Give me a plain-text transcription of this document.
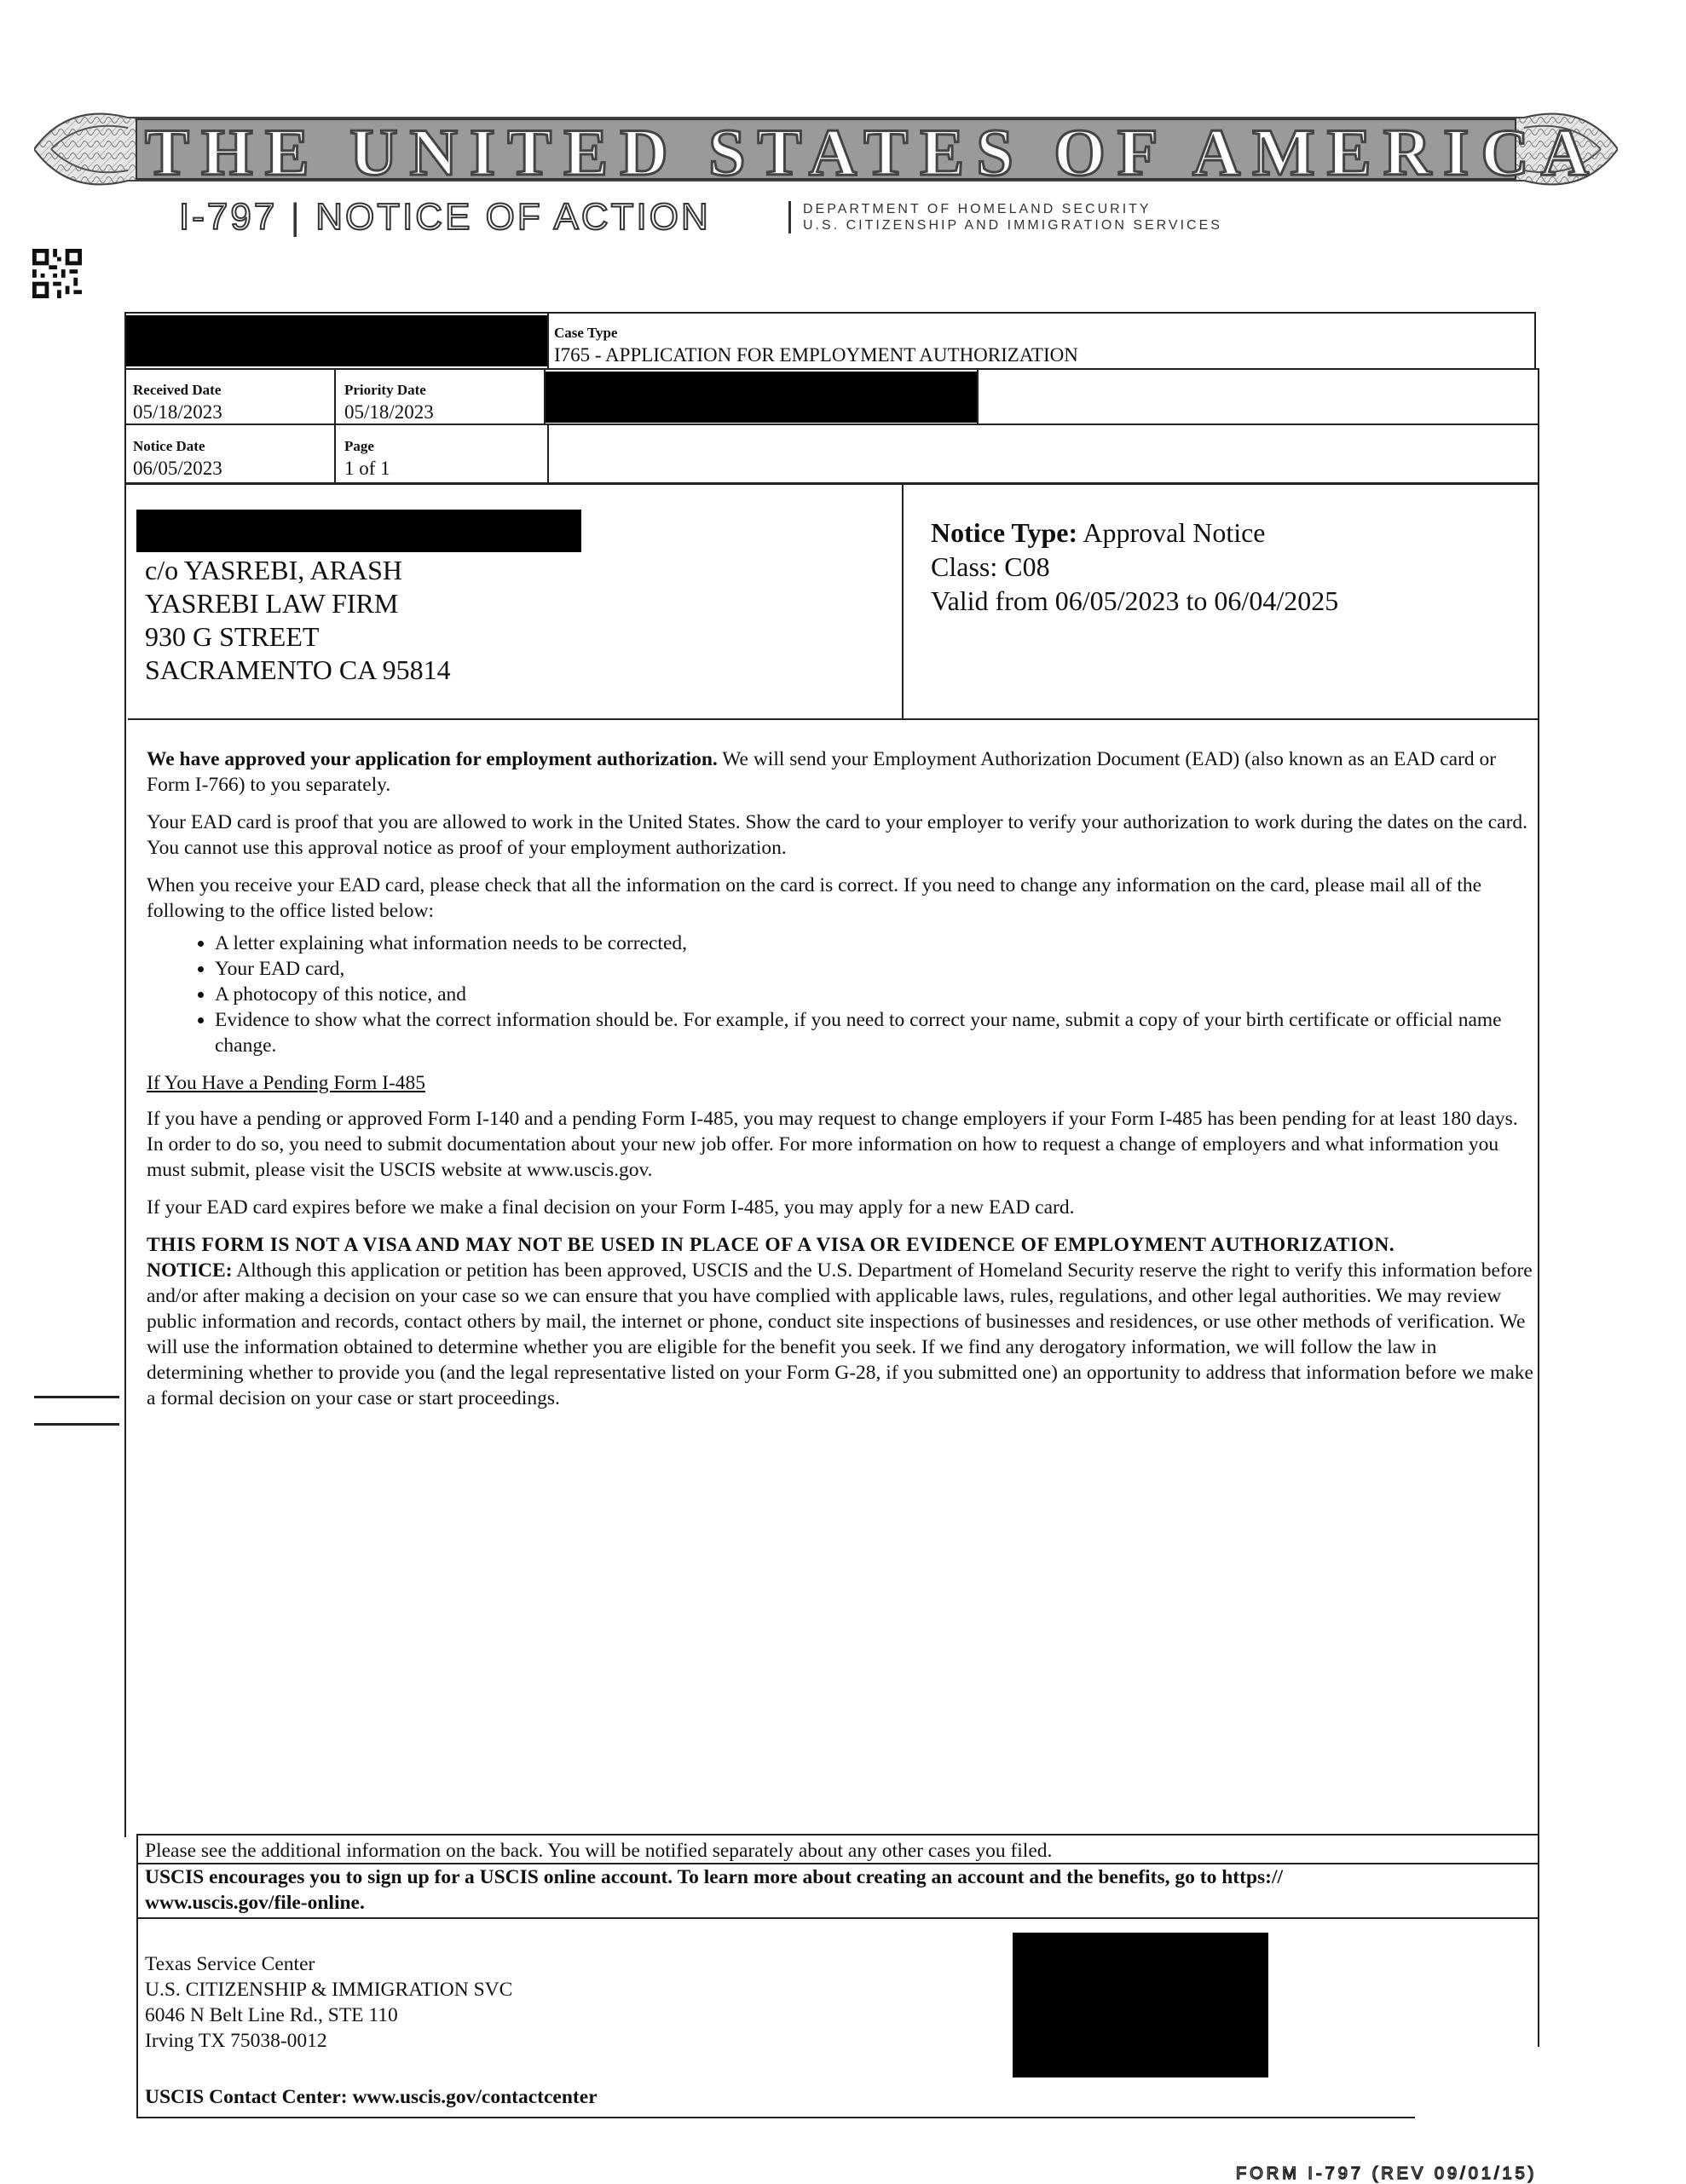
THE UNITED STATES OF AMERICA
I-797 | NOTICE OF ACTION	DEPARTMENT OF HOMELAND SECURITY
U.S. CITIZENSHIP AND IMMIGRATION SERVICES
Case Type
I765 - APPLICATION FOR EMPLOYMENT AUTHORIZATION
Received Date
05/18/2023
Priority Date
05/18/2023
Notice Date
06/05/2023
Page
1 of 1
c/o YASREBI, ARASH
YASREBI LAW FIRM
930 G STREET
SACRAMENTO CA 95814
Notice Type: Approval Notice
Class: C08
Valid from 06/05/2023 to 06/04/2025

We have approved your application for employment authorization. We will send your Employment Authorization Document (EAD) (also known as an EAD card or Form I-766) to you separately.

Your EAD card is proof that you are allowed to work in the United States. Show the card to your employer to verify your authorization to work during the dates on the card. You cannot use this approval notice as proof of your employment authorization.

When you receive your EAD card, please check that all the information on the card is correct. If you need to change any information on the card, please mail all of the following to the office listed below:

• A letter explaining what information needs to be corrected,
• Your EAD card,
• A photocopy of this notice, and
• Evidence to show what the correct information should be. For example, if you need to correct your name, submit a copy of your birth certificate or official name change.

If You Have a Pending Form I-485

If you have a pending or approved Form I-140 and a pending Form I-485, you may request to change employers if your Form I-485 has been pending for at least 180 days. In order to do so, you need to submit documentation about your new job offer. For more information on how to request a change of employers and what information you must submit, please visit the USCIS website at www.uscis.gov.

If your EAD card expires before we make a final decision on your Form I-485, you may apply for a new EAD card.

THIS FORM IS NOT A VISA AND MAY NOT BE USED IN PLACE OF A VISA OR EVIDENCE OF EMPLOYMENT AUTHORIZATION.
NOTICE: Although this application or petition has been approved, USCIS and the U.S. Department of Homeland Security reserve the right to verify this information before and/or after making a decision on your case so we can ensure that you have complied with applicable laws, rules, regulations, and other legal authorities. We may review public information and records, contact others by mail, the internet or phone, conduct site inspections of businesses and residences, or use other methods of verification. We will use the information obtained to determine whether you are eligible for the benefit you seek. If we find any derogatory information, we will follow the law in determining whether to provide you (and the legal representative listed on your Form G-28, if you submitted one) an opportunity to address that information before we make a formal decision on your case or start proceedings.

Please see the additional information on the back. You will be notified separately about any other cases you filed.
USCIS encourages you to sign up for a USCIS online account. To learn more about creating an account and the benefits, go to https://
www.uscis.gov/file-online.
Texas Service Center
U.S. CITIZENSHIP & IMMIGRATION SVC
6046 N Belt Line Rd., STE 110
Irving TX 75038-0012
USCIS Contact Center: www.uscis.gov/contactcenter
FORM I-797 (REV 09/01/15)
